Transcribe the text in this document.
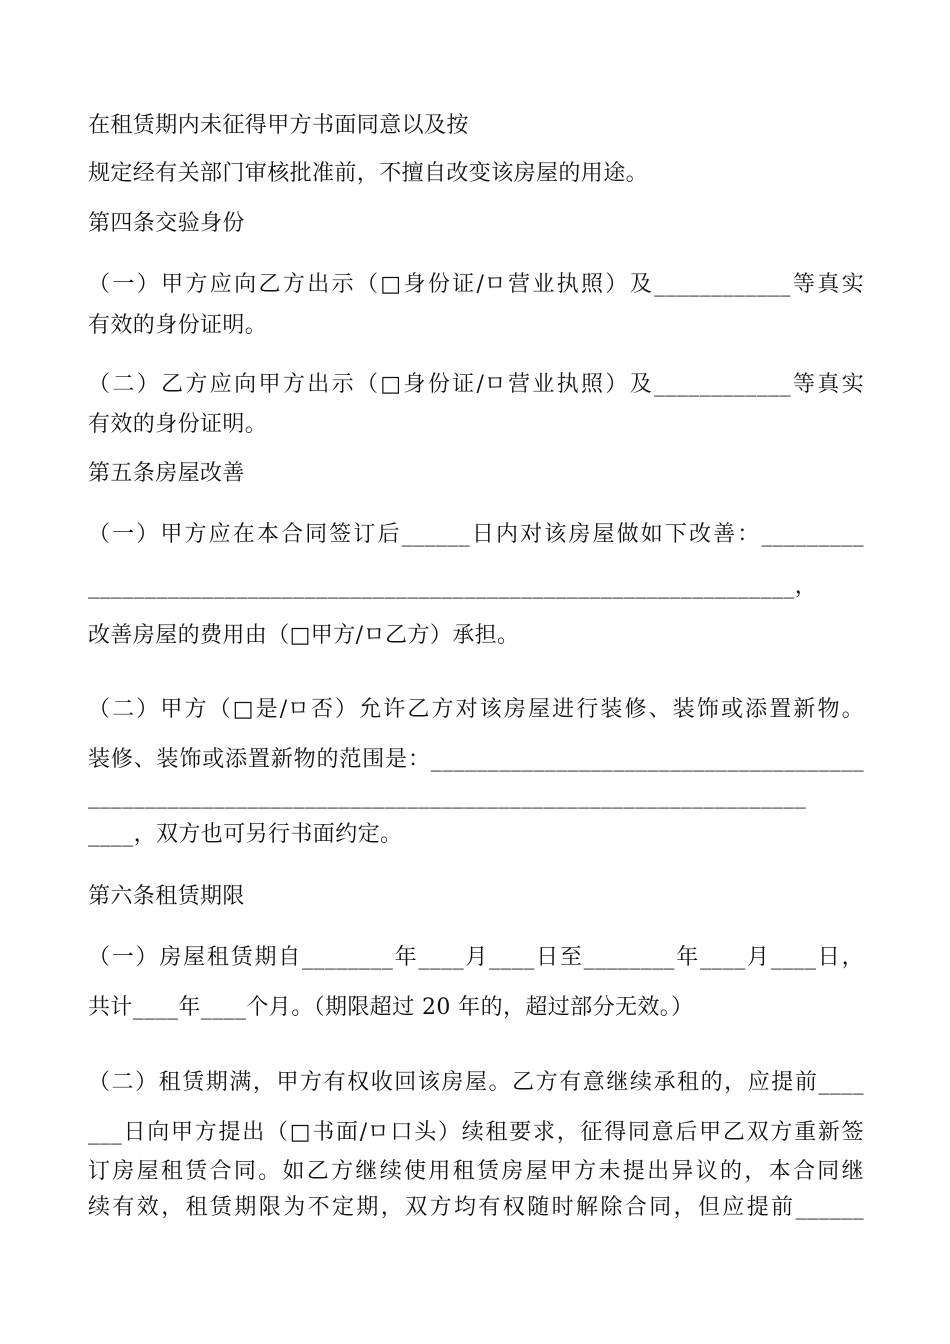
在租赁期内未征得甲方书面同意以及按
规定经有关部门审核批准前，不擅自改变该房屋的用途。
第四条交验身份
（一）甲方应向乙方出示（□身份证/ㅁ营业执照）及____________等真实
有效的身份证明。
（二）乙方应向甲方出示（□身份证/ㅁ营业执照）及____________等真实
有效的身份证明。
第五条房屋改善
（一）甲方应在本合同签订后______日内对该房屋做如下改善：_________
______________________________________________________________，
改善房屋的费用由（□甲方/ㅁ乙方）承担。
（二）甲方（□是/ㅁ否）允许乙方对该房屋进行装修、装饰或添置新物。
装修、装饰或添置新物的范围是：______________________________________
_______________________________________________________________
____，双方也可另行书面约定。
第六条租赁期限
（一）房屋租赁期自________年____月____日至________年____月____日，
共计____年____个月。（期限超过 20 年的，超过部分无效。）
（二）租赁期满，甲方有权收回该房屋。乙方有意继续承租的，应提前____
___日向甲方提出（□书面/ㅁ口头）续租要求，征得同意后甲乙双方重新签
订房屋租赁合同。如乙方继续使用租赁房屋甲方未提出异议的，本合同继
续有效，租赁期限为不定期，双方均有权随时解除合同，但应提前______
